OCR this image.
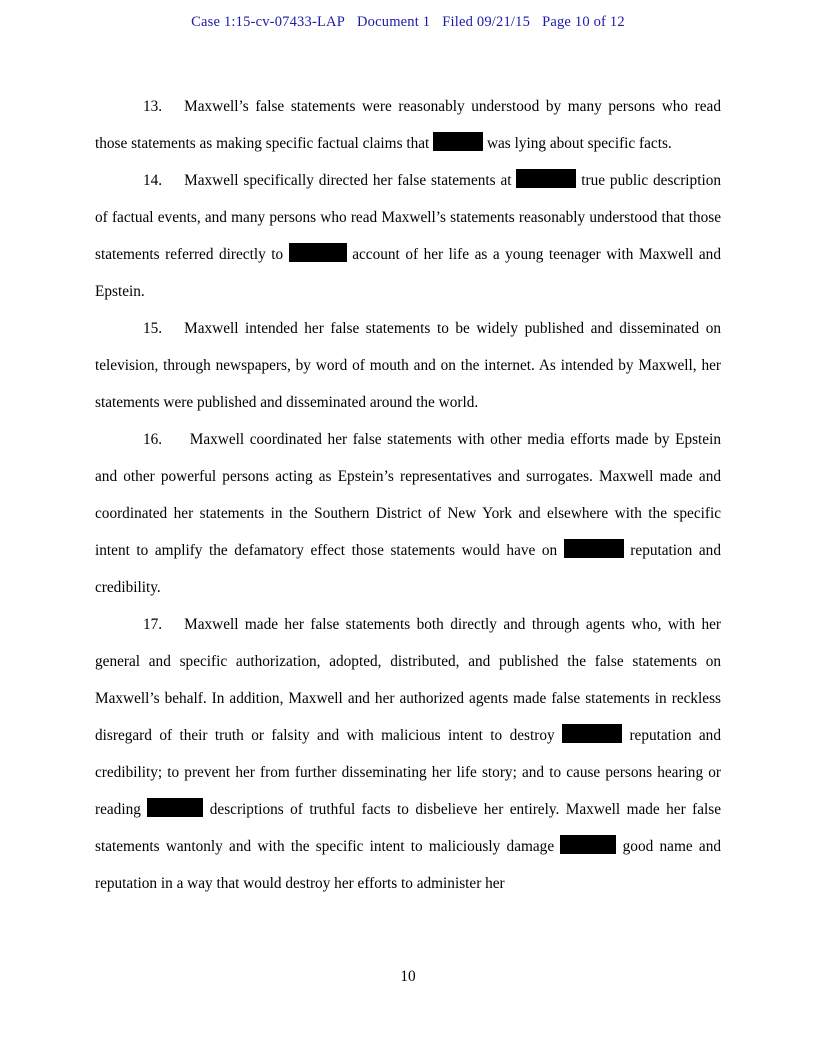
Case 1:15-cv-07433-LAP Document 1 Filed 09/21/15 Page 10 of 12

13. Maxwell’s false statements were reasonably understood by many persons who read those statements as making specific factual claims that	was lying about specific facts.

14. Maxwell specifically directed her false statements at	true public description of factual events, and many persons who read Maxwell’s statements reasonably understood that those statements referred directly to	account of her life as a young teenager with Maxwell and Epstein.

15. Maxwell intended her false statements to be widely published and disseminated on television, through newspapers, by word of mouth and on the internet. As intended by Maxwell, her statements were published and disseminated around the world.

16.  Maxwell coordinated her false statements with other media efforts made by Epstein and other powerful persons acting as Epstein’s representatives and surrogates. Maxwell made and coordinated her statements in the Southern District of New York and elsewhere with the specific intent to amplify the defamatory effect those statements would have on	reputation and credibility.

17. Maxwell made her false statements both directly and through agents who, with her general and specific authorization, adopted, distributed, and published the false statements on Maxwell’s behalf. In addition, Maxwell and her authorized agents made false statements in reckless disregard of their truth or falsity and with malicious intent to destroy	reputation and credibility; to prevent her from further disseminating her life story; and to cause persons hearing or reading	descriptions of truthful facts to disbelieve her entirely. Maxwell made her false statements wantonly and with the specific intent to maliciously damage	good name and reputation in a way that would destroy her efforts to administer her

10
